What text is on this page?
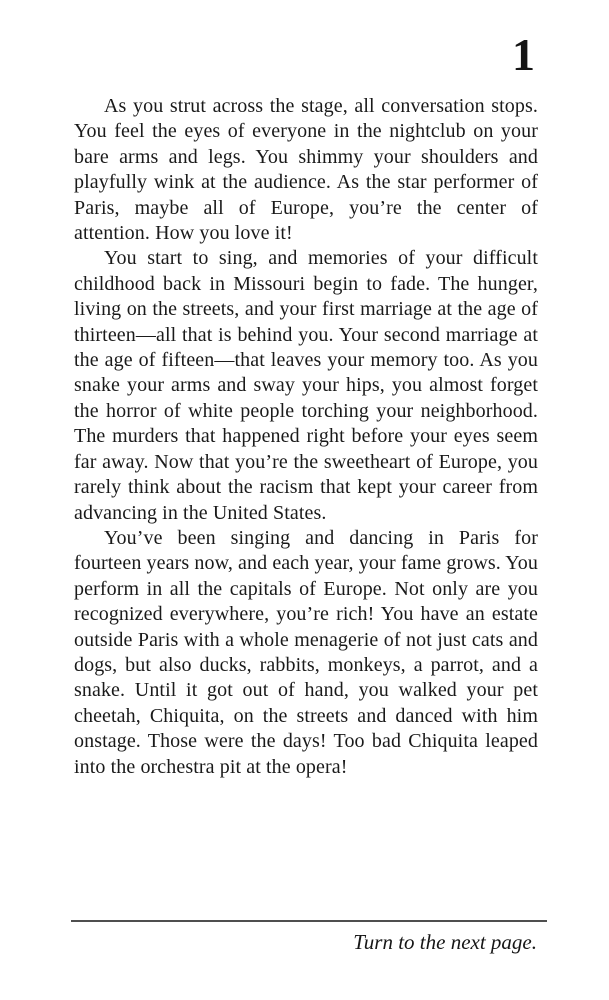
1

As you strut across the stage, all conversation stops. You feel the eyes of everyone in the nightclub on your bare arms and legs. You shimmy your shoulders and playfully wink at the audience. As the star performer of Paris, maybe all of Europe, you’re the center of attention. How you love it!

You start to sing, and memories of your difficult childhood back in Missouri begin to fade. The hunger, living on the streets, and your first marriage at the age of thirteen—all that is behind you. Your second marriage at the age of fifteen—that leaves your memory too. As you snake your arms and sway your hips, you almost forget the horror of white people torching your neighborhood. The murders that happened right before your eyes seem far away. Now that you’re the sweetheart of Europe, you rarely think about the racism that kept your career from advancing in the United States.

You’ve been singing and dancing in Paris for fourteen years now, and each year, your fame grows. You perform in all the capitals of Europe. Not only are you recognized everywhere, you’re rich! You have an estate outside Paris with a whole menagerie of not just cats and dogs, but also ducks, rabbits, monkeys, a parrot, and a snake. Until it got out of hand, you walked your pet cheetah, Chiquita, on the streets and danced with him onstage. Those were the days! Too bad Chiquita leaped into the orchestra pit at the opera!

Turn to the next page.
